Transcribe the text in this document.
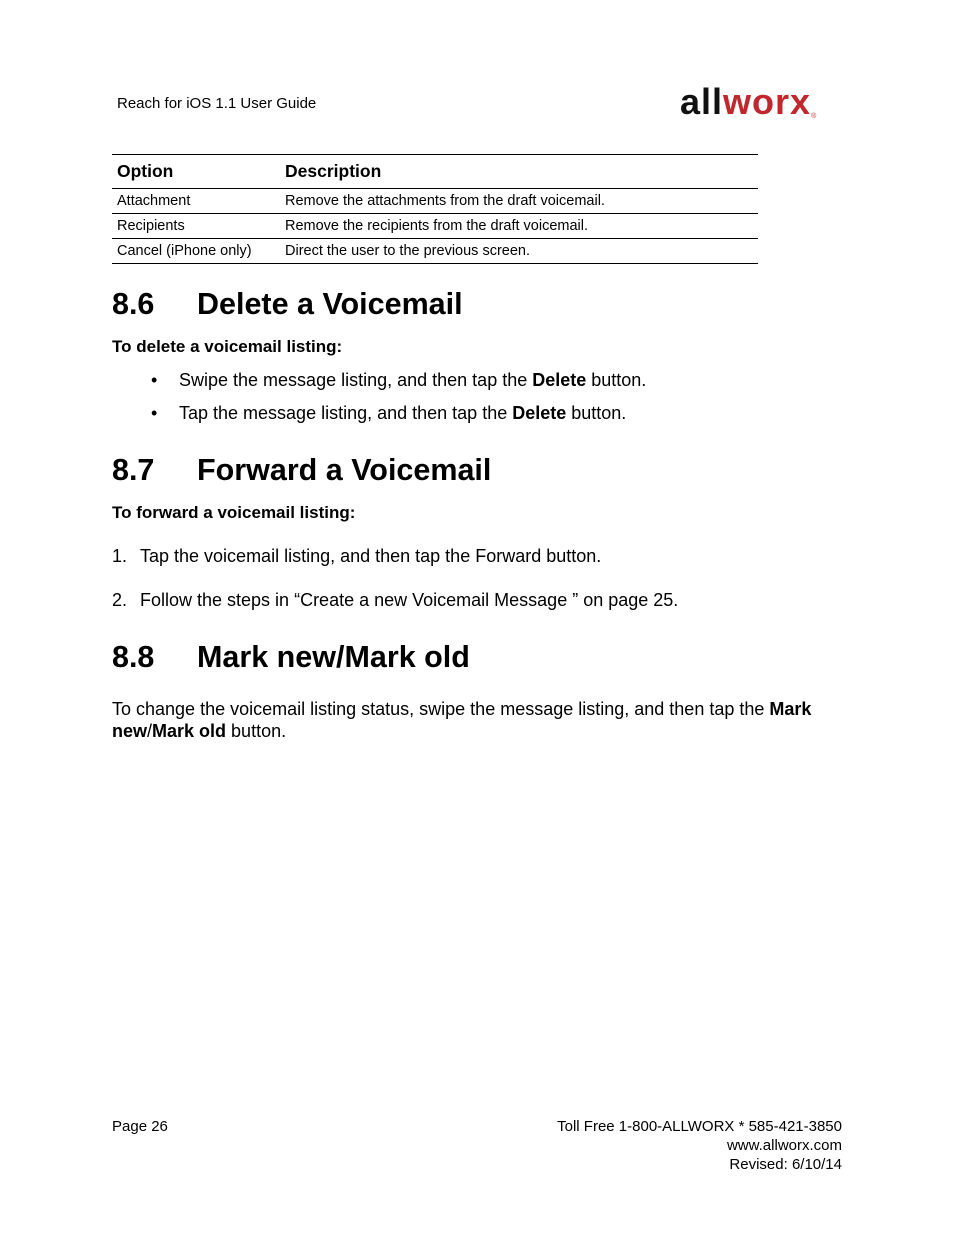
Reach for iOS 1.1 User Guide	allworx®
Option	Description
Attachment	Remove the attachments from the draft voicemail.
Recipients	Remove the recipients from the draft voicemail.
Cancel (iPhone only)	Direct the user to the previous screen.
8.6 Delete a Voicemail
To delete a voicemail listing:
• Swipe the message listing, and then tap the Delete button.
• Tap the message listing, and then tap the Delete button.
8.7 Forward a Voicemail
To forward a voicemail listing:
1. Tap the voicemail listing, and then tap the Forward button.
2. Follow the steps in “Create a new Voicemail Message ” on page 25.
8.8 Mark new/Mark old
To change the voicemail listing status, swipe the message listing, and then tap the Mark new/Mark old button.
Page 26	Toll Free 1-800-ALLWORX * 585-421-3850
www.allworx.com
Revised: 6/10/14
